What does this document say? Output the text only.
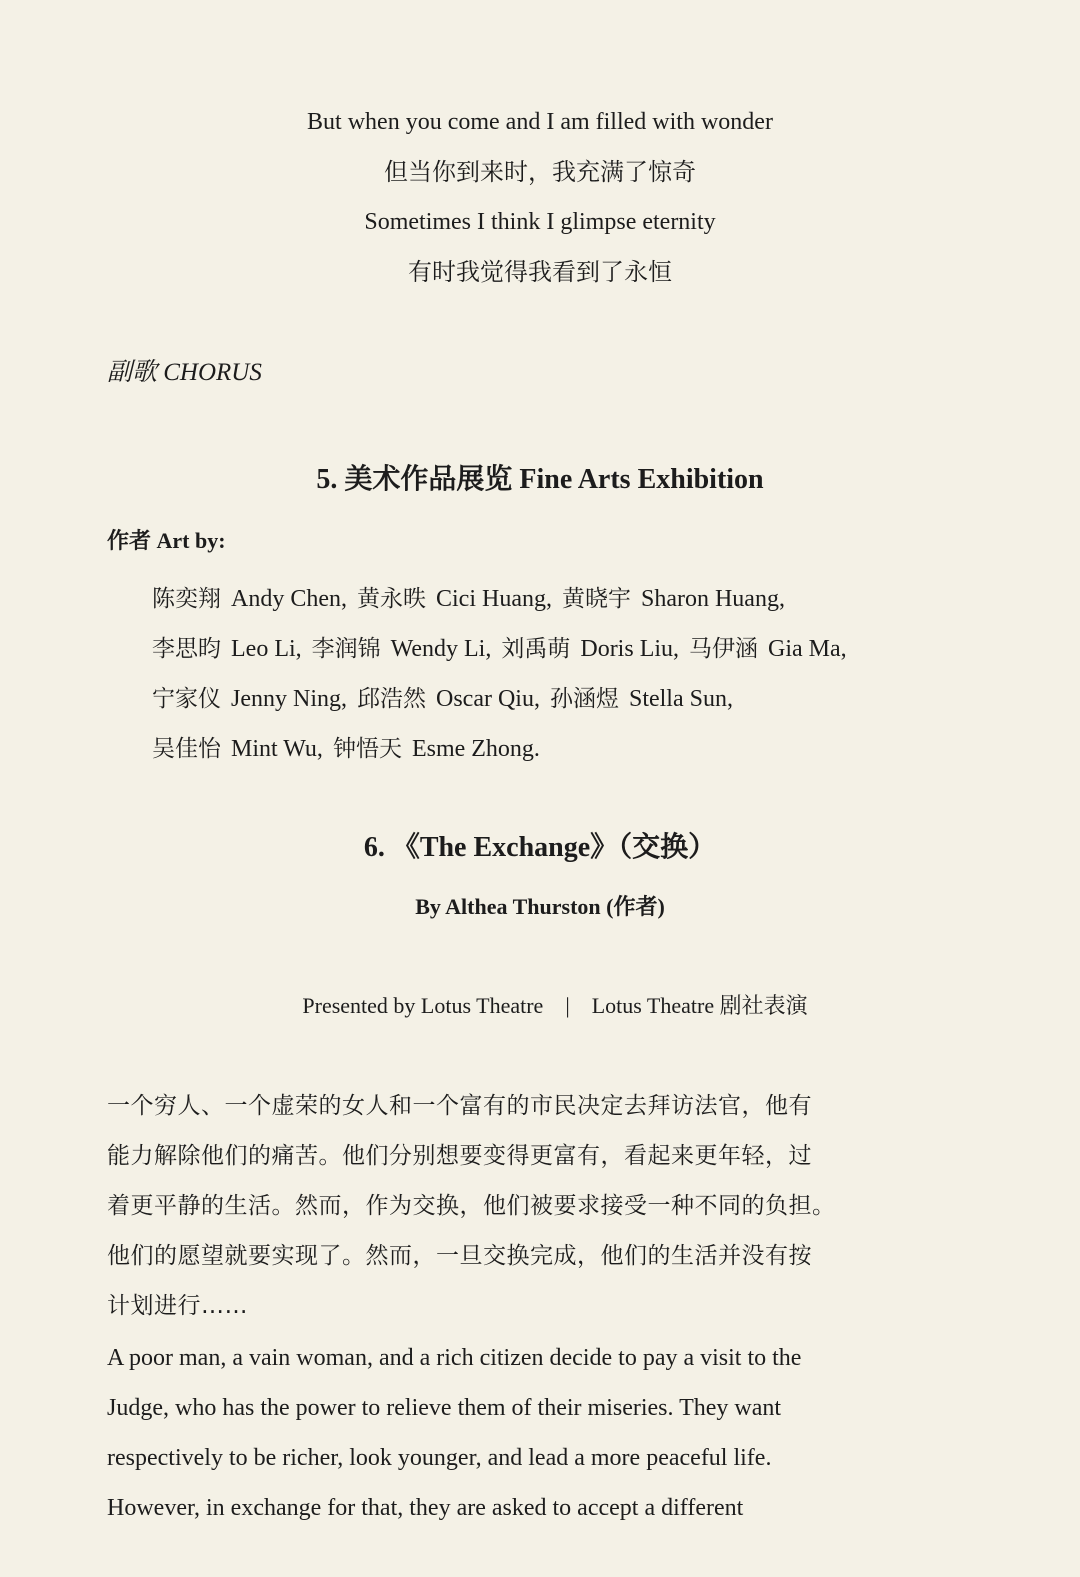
But when you come and I am filled with wonder
但当你到来时，我充满了惊奇
Sometimes I think I glimpse eternity
有时我觉得我看到了永恒
副歌 CHORUS
5. 美术作品展览 Fine Arts Exhibition
作者 Art by:
陈奕翔 Andy Chen, 黄永昳 Cici Huang, 黄晓宇 Sharon Huang,
李思昀 Leo Li, 李润锦 Wendy Li, 刘禹萌 Doris Liu, 马伊涵 Gia Ma,
宁家仪 Jenny Ning, 邱浩然 Oscar Qiu, 孙涵煜 Stella Sun,
吴佳怡 Mint Wu, 钟悟天 Esme Zhong.
6. 《The Exchange》（交换）
By Althea Thurston (作者)
Presented by Lotus Theatre | Lotus Theatre 剧社表演
一个穷人、一个虚荣的女人和一个富有的市民决定去拜访法官，他有
能力解除他们的痛苦。他们分别想要变得更富有，看起来更年轻，过
着更平静的生活。然而，作为交换，他们被要求接受一种不同的负担。
他们的愿望就要实现了。然而，一旦交换完成，他们的生活并没有按
计划进行……
A poor man, a vain woman, and a rich citizen decide to pay a visit to the
Judge, who has the power to relieve them of their miseries. They want
respectively to be richer, look younger, and lead a more peaceful life.
However, in exchange for that, they are asked to accept a different
